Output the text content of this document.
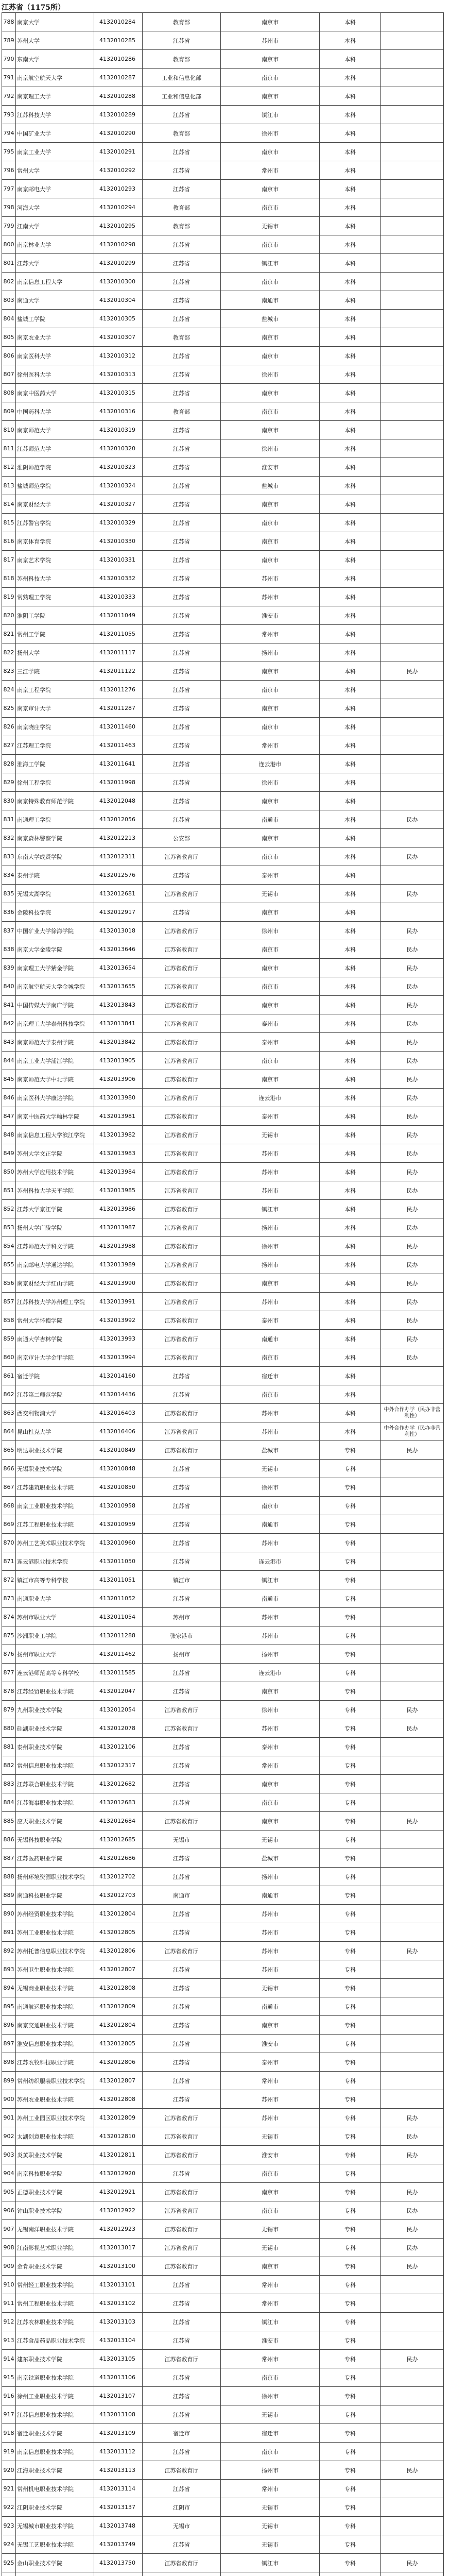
江苏省（1175所）
788	南京大学	4132010284	教育部	南京市	本科	
789	苏州大学	4132010285	江苏省	苏州市	本科	
790	东南大学	4132010286	教育部	南京市	本科	
791	南京航空航天大学	4132010287	工业和信息化部	南京市	本科	
792	南京理工大学	4132010288	工业和信息化部	南京市	本科	
793	江苏科技大学	4132010289	江苏省	镇江市	本科	
794	中国矿业大学	4132010290	教育部	徐州市	本科	
795	南京工业大学	4132010291	江苏省	南京市	本科	
796	常州大学	4132010292	江苏省	常州市	本科	
797	南京邮电大学	4132010293	江苏省	南京市	本科	
798	河海大学	4132010294	教育部	南京市	本科	
799	江南大学	4132010295	教育部	无锡市	本科	
800	南京林业大学	4132010298	江苏省	南京市	本科	
801	江苏大学	4132010299	江苏省	镇江市	本科	
802	南京信息工程大学	4132010300	江苏省	南京市	本科	
803	南通大学	4132010304	江苏省	南通市	本科	
804	盐城工学院	4132010305	江苏省	盐城市	本科	
805	南京农业大学	4132010307	教育部	南京市	本科	
806	南京医科大学	4132010312	江苏省	南京市	本科	
807	徐州医科大学	4132010313	江苏省	徐州市	本科	
808	南京中医药大学	4132010315	江苏省	南京市	本科	
809	中国药科大学	4132010316	教育部	南京市	本科	
810	南京师范大学	4132010319	江苏省	南京市	本科	
811	江苏师范大学	4132010320	江苏省	徐州市	本科	
812	淮阴师范学院	4132010323	江苏省	淮安市	本科	
813	盐城师范学院	4132010324	江苏省	盐城市	本科	
814	南京财经大学	4132010327	江苏省	南京市	本科	
815	江苏警官学院	4132010329	江苏省	南京市	本科	
816	南京体育学院	4132010330	江苏省	南京市	本科	
817	南京艺术学院	4132010331	江苏省	南京市	本科	
818	苏州科技大学	4132010332	江苏省	苏州市	本科	
819	常熟理工学院	4132010333	江苏省	苏州市	本科	
820	淮阴工学院	4132011049	江苏省	淮安市	本科	
821	常州工学院	4132011055	江苏省	常州市	本科	
822	扬州大学	4132011117	江苏省	扬州市	本科	
823	三江学院	4132011122	江苏省	南京市	本科	民办
824	南京工程学院	4132011276	江苏省	南京市	本科	
825	南京审计大学	4132011287	江苏省	南京市	本科	
826	南京晓庄学院	4132011460	江苏省	南京市	本科	
827	江苏理工学院	4132011463	江苏省	常州市	本科	
828	淮海工学院	4132011641	江苏省	连云港市	本科	
829	徐州工程学院	4132011998	江苏省	徐州市	本科	
830	南京特殊教育师范学院	4132012048	江苏省	南京市	本科	
831	南通理工学院	4132012056	江苏省	南通市	本科	民办
832	南京森林警察学院	4132012213	公安部	南京市	本科	
833	东南大学成贤学院	4132012311	江苏省教育厅	南京市	本科	民办
834	泰州学院	4132012576	江苏省	泰州市	本科	
835	无锡太湖学院	4132012681	江苏省教育厅	无锡市	本科	民办
836	金陵科技学院	4132012917	江苏省	南京市	本科	
837	中国矿业大学徐海学院	4132013018	江苏省教育厅	徐州市	本科	民办
838	南京大学金陵学院	4132013646	江苏省教育厅	南京市	本科	民办
839	南京理工大学紫金学院	4132013654	江苏省教育厅	南京市	本科	民办
840	南京航空航天大学金城学院	4132013655	江苏省教育厅	南京市	本科	民办
841	中国传媒大学南广学院	4132013843	江苏省教育厅	南京市	本科	民办
842	南京理工大学泰州科技学院	4132013841	江苏省教育厅	泰州市	本科	民办
843	南京师范大学泰州学院	4132013842	江苏省教育厅	泰州市	本科	民办
844	南京工业大学浦江学院	4132013905	江苏省教育厅	南京市	本科	民办
845	南京师范大学中北学院	4132013906	江苏省教育厅	南京市	本科	民办
846	南京医科大学康达学院	4132013980	江苏省教育厅	连云港市	本科	民办
847	南京中医药大学翰林学院	4132013981	江苏省教育厅	泰州市	本科	民办
848	南京信息工程大学滨江学院	4132013982	江苏省教育厅	无锡市	本科	民办
849	苏州大学文正学院	4132013983	江苏省教育厅	苏州市	本科	民办
850	苏州大学应用技术学院	4132013984	江苏省教育厅	苏州市	本科	民办
851	苏州科技大学天平学院	4132013985	江苏省教育厅	苏州市	本科	民办
852	江苏大学京江学院	4132013986	江苏省教育厅	镇江市	本科	民办
853	扬州大学广陵学院	4132013987	江苏省教育厅	扬州市	本科	民办
854	江苏师范大学科文学院	4132013988	江苏省教育厅	徐州市	本科	民办
855	南京邮电大学通达学院	4132013989	江苏省教育厅	扬州市	本科	民办
856	南京财经大学红山学院	4132013990	江苏省教育厅	南京市	本科	民办
857	江苏科技大学苏州理工学院	4132013991	江苏省教育厅	苏州市	本科	民办
858	常州大学怀德学院	4132013992	江苏省教育厅	泰州市	本科	民办
859	南通大学杏林学院	4132013993	江苏省教育厅	南通市	本科	民办
860	南京审计大学金审学院	4132013994	江苏省教育厅	南京市	本科	民办
861	宿迁学院	4132014160	江苏省	宿迁市	本科	
862	江苏第二师范学院	4132014436	江苏省	南京市	本科	
863	西交利物浦大学	4132016403	江苏省教育厅	苏州市	本科	中外合作办学（民办非营利性）
864	昆山杜克大学	4132016406	江苏省教育厅	苏州市	本科	中外合作办学（民办非营利性）
865	明达职业技术学院	4132010849	江苏省教育厅	盐城市	专科	民办
866	无锡职业技术学院	4132010848	江苏省	无锡市	专科	
867	江苏建筑职业技术学院	4132010850	江苏省	徐州市	专科	
868	南京工业职业技术学院	4132010958	江苏省	南京市	专科	
869	江苏工程职业技术学院	4132010959	江苏省	南通市	专科	
870	苏州工艺美术职业技术学院	4132010960	江苏省	苏州市	专科	
871	连云港职业技术学院	4132011050	江苏省	连云港市	专科	
872	镇江市高等专科学校	4132011051	镇江市	镇江市	专科	
873	南通职业大学	4132011052	江苏省	南通市	专科	
874	苏州市职业大学	4132011054	苏州市	苏州市	专科	
875	沙洲职业工学院	4132011288	张家港市	苏州市	专科	
876	扬州市职业大学	4132011462	扬州市	扬州市	专科	
877	连云港师范高等专科学校	4132011585	江苏省	连云港市	专科	
878	江苏经贸职业技术学院	4132012047	江苏省	南京市	专科	
879	九州职业技术学院	4132012054	江苏省教育厅	徐州市	专科	民办
880	硅湖职业技术学院	4132012078	江苏省教育厅	苏州市	专科	民办
881	泰州职业技术学院	4132012106	江苏省	泰州市	专科	
882	常州信息职业技术学院	4132012317	江苏省	常州市	专科	
883	江苏联合职业技术学院	4132012682	江苏省	南京市	专科	
884	江苏海事职业技术学院	4132012683	江苏省	南京市	专科	
885	应天职业技术学院	4132012684	江苏省教育厅	南京市	专科	民办
886	无锡科技职业学院	4132012685	无锡市	无锡市	专科	
887	江苏医药职业学院	4132012686	江苏省	盐城市	专科	
888	扬州环境资源职业技术学院	4132012702	江苏省	扬州市	专科	
889	南通科技职业学院	4132012703	南通市	南通市	专科	
890	苏州经贸职业技术学院	4132012804	江苏省	苏州市	专科	
891	苏州工业职业技术学院	4132012805	江苏省	苏州市	专科	
892	苏州托普信息职业技术学院	4132012806	江苏省教育厅	苏州市	专科	民办
893	苏州卫生职业技术学院	4132012807	江苏省	苏州市	专科	
894	无锡商业职业技术学院	4132012808	江苏省	无锡市	专科	
895	南通航运职业技术学院	4132012809	江苏省	南通市	专科	
896	南京交通职业技术学院	4132012804	江苏省	南京市	专科	
897	淮安信息职业技术学院	4132012805	江苏省	淮安市	专科	
898	江苏农牧科技职业学院	4132012806	江苏省	泰州市	专科	
899	常州纺织服装职业技术学院	4132012807	江苏省	常州市	专科	
900	苏州农业职业技术学院	4132012808	江苏省	苏州市	专科	
901	苏州工业园区职业技术学院	4132012809	江苏省教育厅	苏州市	专科	民办
902	太湖创意职业技术学院	4132012810	江苏省教育厅	无锡市	专科	民办
903	炎黄职业技术学院	4132012811	江苏省教育厅	淮安市	专科	民办
904	南京科技职业学院	4132012920	江苏省	南京市	专科	
905	正德职业技术学院	4132012921	江苏省教育厅	南京市	专科	民办
906	钟山职业技术学院	4132012922	江苏省教育厅	南京市	专科	民办
907	无锡南洋职业技术学院	4132012923	江苏省教育厅	无锡市	专科	民办
908	江南影视艺术职业学院	4132013017	江苏省教育厅	无锡市	专科	民办
909	金肯职业技术学院	4132013100	江苏省教育厅	南京市	专科	民办
910	常州轻工职业技术学院	4132013101	江苏省	常州市	专科	
911	常州工程职业技术学院	4132013102	江苏省	常州市	专科	
912	江苏农林职业技术学院	4132013103	江苏省	镇江市	专科	
913	江苏食品药品职业技术学院	4132013104	江苏省	淮安市	专科	
914	建东职业技术学院	4132013105	江苏省教育厅	常州市	专科	民办
915	南京铁道职业技术学院	4132013106	江苏省	南京市	专科	
916	徐州工业职业技术学院	4132013107	江苏省	徐州市	专科	
917	江苏信息职业技术学院	4132013108	江苏省	无锡市	专科	
918	宿迁职业技术学院	4132013109	宿迁市	宿迁市	专科	
919	南京信息职业技术学院	4132013112	江苏省	南京市	专科	
920	江海职业技术学院	4132013113	江苏省教育厅	扬州市	专科	民办
921	常州机电职业技术学院	4132013114	江苏省	常州市	专科	
922	江阴职业技术学院	4132013137	江阴市	无锡市	专科	
923	无锡城市职业技术学院	4132013748	无锡市	无锡市	专科	
924	无锡工艺职业技术学院	4132013749	江苏省	无锡市	专科	
925	金山职业技术学院	4132013750	江苏省教育厅	镇江市	专科	民办
